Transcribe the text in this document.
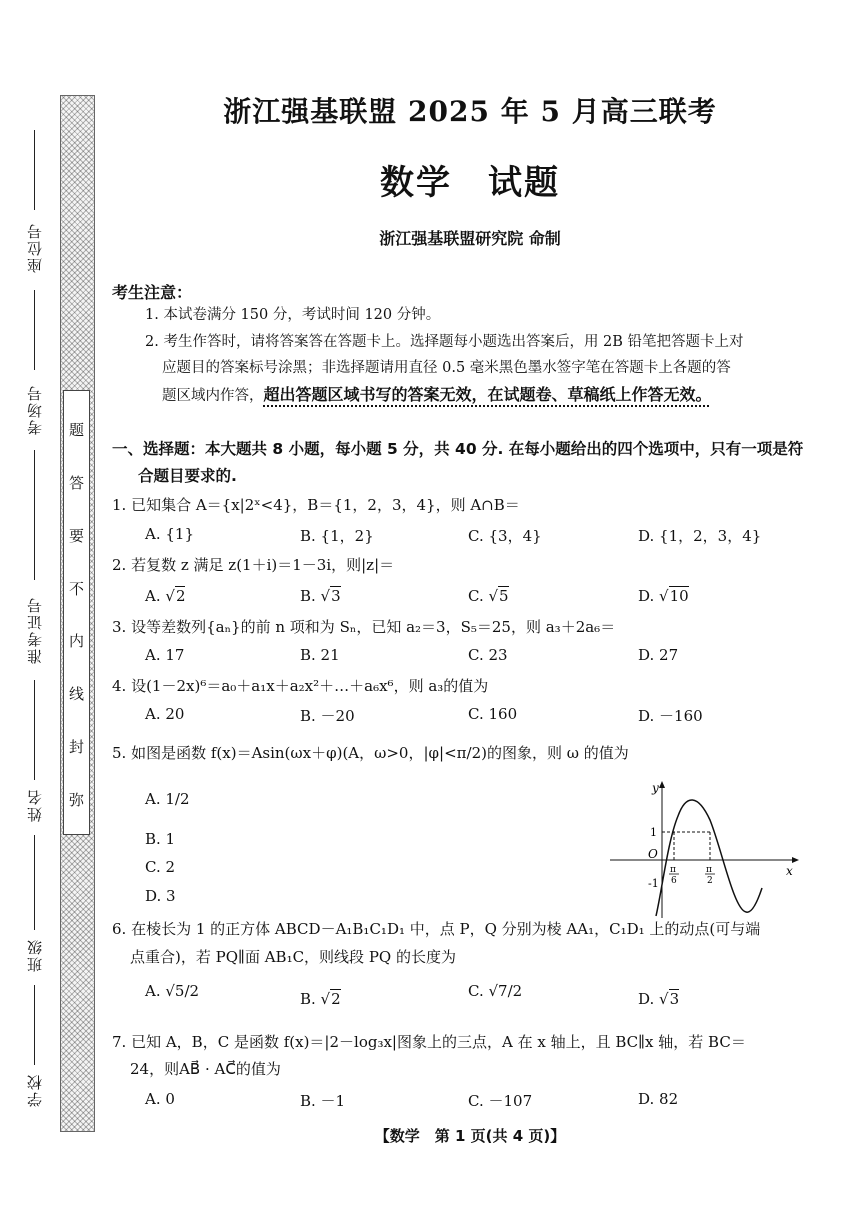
座位号
考场号
准考证号
姓名
班级
学校
题
答
要
不
内
线
封
弥
浙江强基联盟 2025 年 5 月高三联考
数学　试题
浙江强基联盟研究院 命制
考生注意：
1. 本试卷满分 150 分，考试时间 120 分钟。
2. 考生作答时，请将答案答在答题卡上。选择题每小题选出答案后，用 2B 铅笔把答题卡上对
应题目的答案标号涂黑；非选择题请用直径 0.5 毫米黑色墨水签字笔在答题卡上各题的答
题区域内作答，超出答题区域书写的答案无效，在试题卷、草稿纸上作答无效。
一、选择题：本大题共 8 小题，每小题 5 分，共 40 分. 在每小题给出的四个选项中，只有一项是符
合题目要求的.
1. 已知集合 A＝{x|2ˣ<4}，B＝{1，2，3，4}，则 A∩B＝
A. {1}	B. {1，2}	C. {3，4}	D. {1，2，3，4}
2. 若复数 z 满足 z(1＋i)＝1－3i，则|z|＝
A. √2	B. √3	C. √5	D. √10
3. 设等差数列{aₙ}的前 n 项和为 Sₙ，已知 a₂＝3，S₅＝25，则 a₃＋2a₆＝
A. 17	B. 21	C. 23	D. 27
4. 设(1－2x)⁶＝a₀＋a₁x＋a₂x²＋…＋a₆x⁶，则 a₃的值为
A. 20	B. －20	C. 160	D. －160
5. 如图是函数 f(x)＝Asin(ωx＋φ)(A，ω>0，|φ|<π/2)的图象，则 ω 的值为
A. 1/2
B. 1
C. 2
D. 3
y
x
O
1
-1
π
6
π
2
6. 在棱长为 1 的正方体 ABCD－A₁B₁C₁D₁ 中，点 P，Q 分别为棱 AA₁，C₁D₁ 上的动点(可与端
点重合)，若 PQ∥面 AB₁C，则线段 PQ 的长度为
A. √5/2	B. √2	C. √7/2	D. √3
7. 已知 A，B，C 是函数 f(x)＝|2－log₃x|图象上的三点，A 在 x 轴上，且 BC∥x 轴，若 BC＝
24，则AB⃗ · AC⃗的值为
A. 0	B. －1	C. －107	D. 82
【数学　第 1 页(共 4 页)】
